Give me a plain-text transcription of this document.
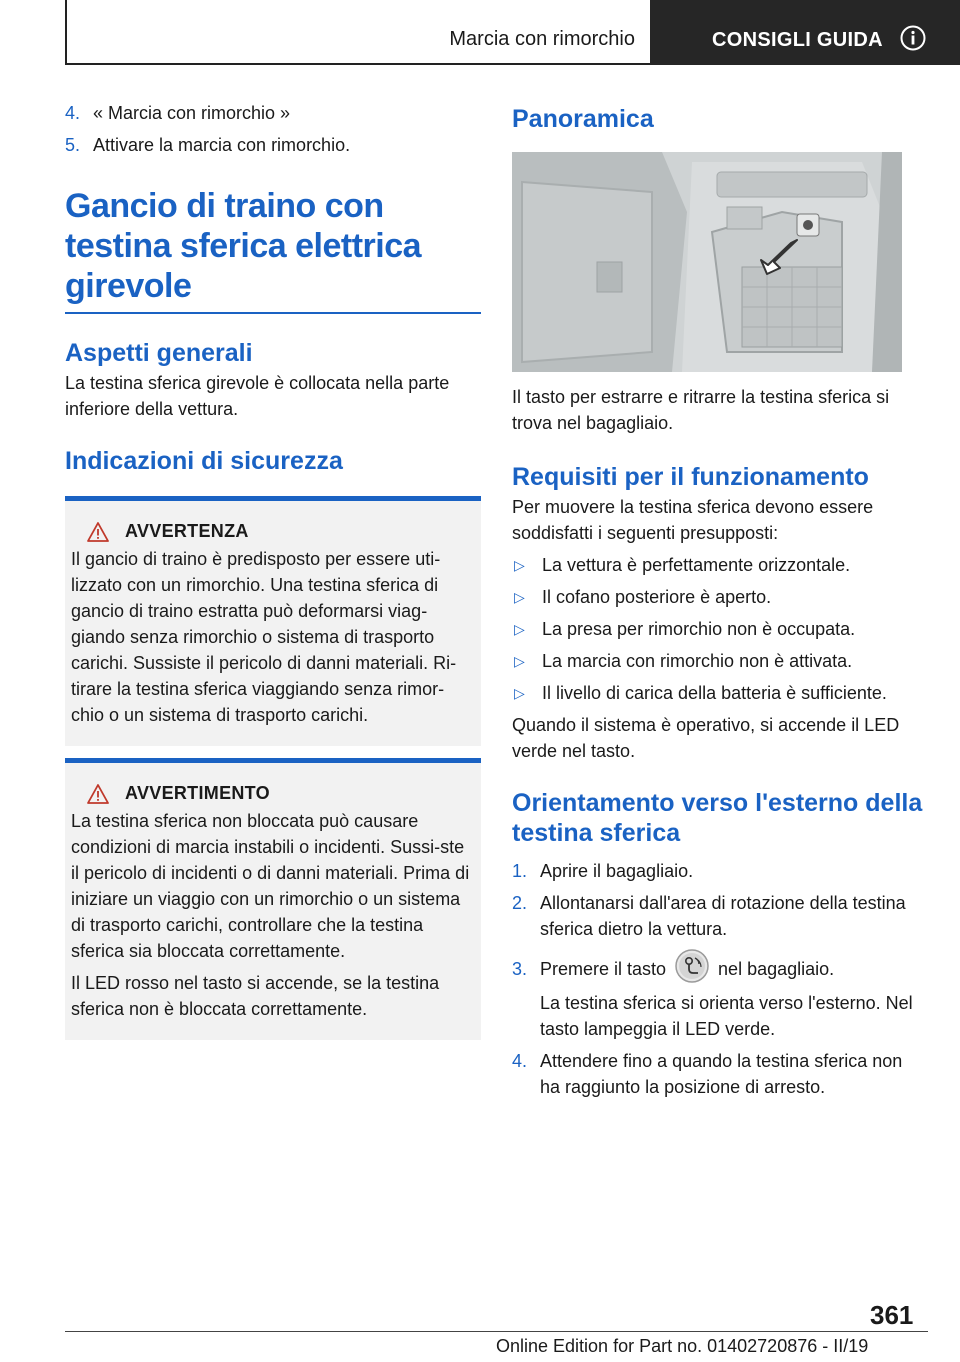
Marcia con rimorchio	CONSIGLI GUIDA
4. « Marcia con rimorchio »
5. Attivare la marcia con rimorchio.
Gancio di traino con testina sferica elettrica girevole
Aspetti generali

La testina sferica girevole è collocata nella parte inferiore della vettura.

Indicazioni di sicurezza
AVVERTENZA

Il gancio di traino è predisposto per essere uti-lizzato con un rimorchio. Una testina sferica di gancio di traino estratta può deformarsi viag-giando senza rimorchio o sistema di trasporto carichi. Sussiste il pericolo di danni materiali. Ri-tirare la testina sferica viaggiando senza rimor-chio o un sistema di trasporto carichi.

AVVERTIMENTO

La testina sferica non bloccata può causare condizioni di marcia instabili o incidenti. Sussi-ste il pericolo di incidenti o di danni materiali. Prima di iniziare un viaggio con un rimorchio o un sistema di trasporto carichi, controllare che la testina sferica sia bloccata correttamente.

Il LED rosso nel tasto si accende, se la testina sferica non è bloccata correttamente.

Panoramica

Il tasto per estrarre e ritrarre la testina sferica si trova nel bagagliaio.

Requisiti per il funzionamento

Per muovere la testina sferica devono essere soddisfatti i seguenti presupposti:

▷ La vettura è perfettamente orizzontale.
▷ Il cofano posteriore è aperto.
▷ La presa per rimorchio non è occupata.
▷ La marcia con rimorchio non è attivata.
▷ Il livello di carica della batteria è sufficiente.

Quando il sistema è operativo, si accende il LED verde nel tasto.

Orientamento verso l'esterno della testina sferica
1. Aprire il bagagliaio.
2. Allontanarsi dall'area di rotazione della testina sferica dietro la vettura.
3. Premere il tasto	nel bagagliaio.
La testina sferica si orienta verso l'esterno. Nel tasto lampeggia il LED verde.
4. Attendere fino a quando la testina sferica non ha raggiunto la posizione di arresto.
361
Online Edition for Part no. 01402720876 - II/19
